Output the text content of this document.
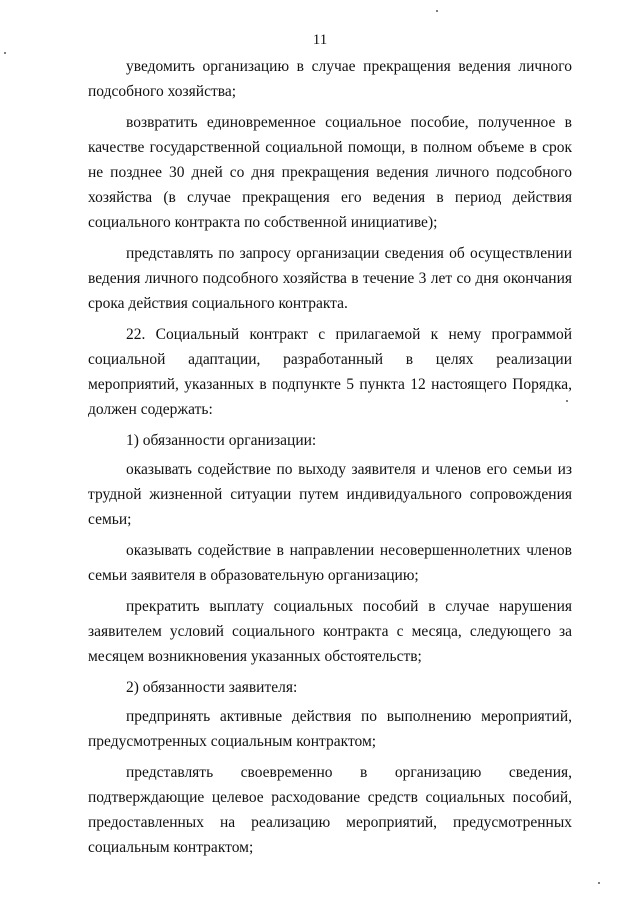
11

уведомить организацию в случае прекращения ведения личного подсобного хозяйства;

возвратить единовременное социальное пособие, полученное в качестве государственной социальной помощи, в полном объеме в срок не позднее 30 дней со дня прекращения ведения личного подсобного хозяйства (в случае прекращения его ведения в период действия социального контракта по собственной инициативе);

представлять по запросу организации сведения об осуществлении ведения личного подсобного хозяйства в течение 3 лет со дня окончания срока действия социального контракта.

22. Социальный контракт с прилагаемой к нему программой социальной адаптации, разработанный в целях реализации мероприятий, указанных в подпункте 5 пункта 12 настоящего Порядка, должен содержать:

1) обязанности организации:

оказывать содействие по выходу заявителя и членов его семьи из трудной жизненной ситуации путем индивидуального сопровождения семьи;

оказывать содействие в направлении несовершеннолетних членов семьи заявителя в образовательную организацию;

прекратить выплату социальных пособий в случае нарушения заявителем условий социального контракта с месяца, следующего за месяцем возникновения указанных обстоятельств;

2) обязанности заявителя:

предпринять активные действия по выполнению мероприятий, предусмотренных социальным контрактом;

представлять своевременно в организацию сведения, подтверждающие целевое расходование средств социальных пособий, предоставленных на реализацию мероприятий, предусмотренных социальным контрактом;
